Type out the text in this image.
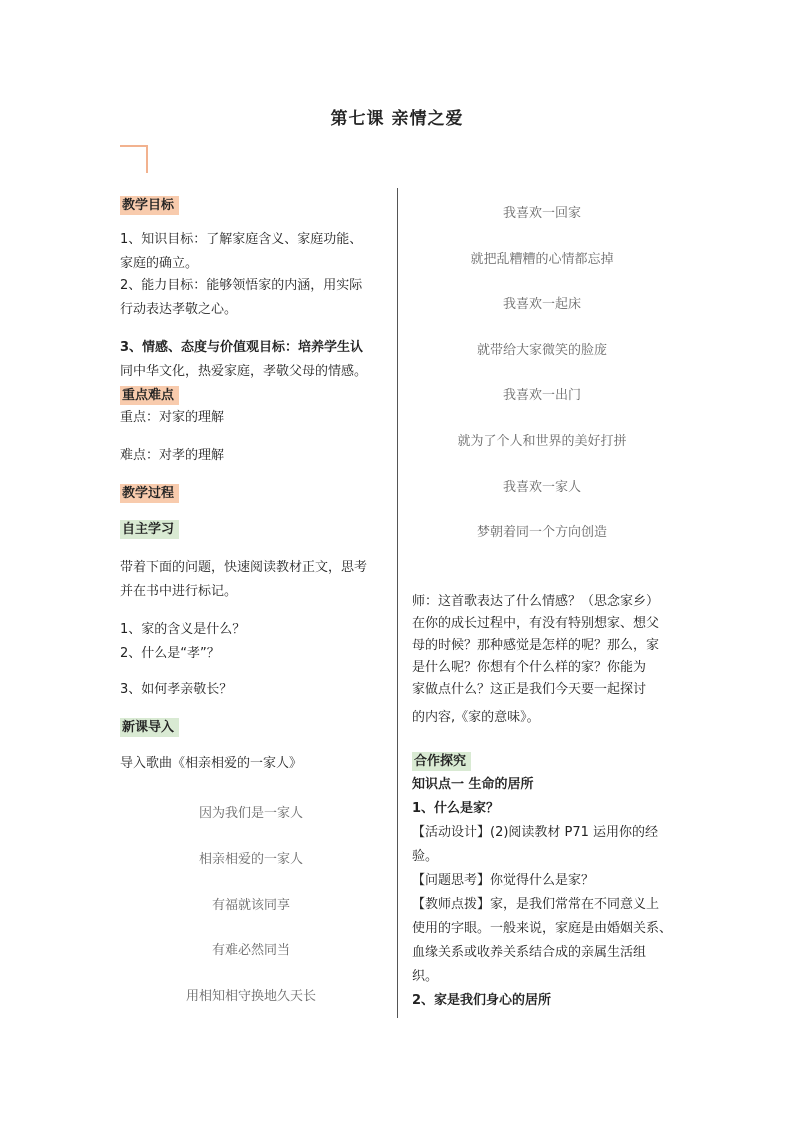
第七课 亲情之爱
教学目标
1、知识目标：了解家庭含义、家庭功能、
家庭的确立。
2、能力目标：能够领悟家的内涵，用实际
行动表达孝敬之心。
3、情感、态度与价值观目标：培养学生认
同中华文化，热爱家庭，孝敬父母的情感。
重点难点
重点：对家的理解
难点：对孝的理解
教学过程
自主学习
带着下面的问题，快速阅读教材正文，思考
并在书中进行标记。
1、家的含义是什么？
2、什么是“孝”？
3、如何孝亲敬长？
新课导入
导入歌曲《相亲相爱的一家人》
因为我们是一家人
相亲相爱的一家人
有福就该同享
有难必然同当
用相知相守换地久天长
我喜欢一回家
就把乱糟糟的心情都忘掉
我喜欢一起床
就带给大家微笑的脸庞
我喜欢一出门
就为了个人和世界的美好打拼
我喜欢一家人
梦朝着同一个方向创造
师：这首歌表达了什么情感？（思念家乡）
在你的成长过程中，有没有特别想家、想父
母的时候？那种感觉是怎样的呢？那么，家
是什么呢？你想有个什么样的家？你能为
家做点什么？这正是我们今天要一起探讨
的内容,《家的意味》。
合作探究
知识点一 生命的居所
1、什么是家？
【活动设计】(2)阅读教材 P71 运用你的经
验。
【问题思考】你觉得什么是家？
【教师点拨】家，是我们常常在不同意义上
使用的字眼。一般来说，家庭是由婚姻关系、
血缘关系或收养关系结合成的亲属生活组
织。
2、家是我们身心的居所
